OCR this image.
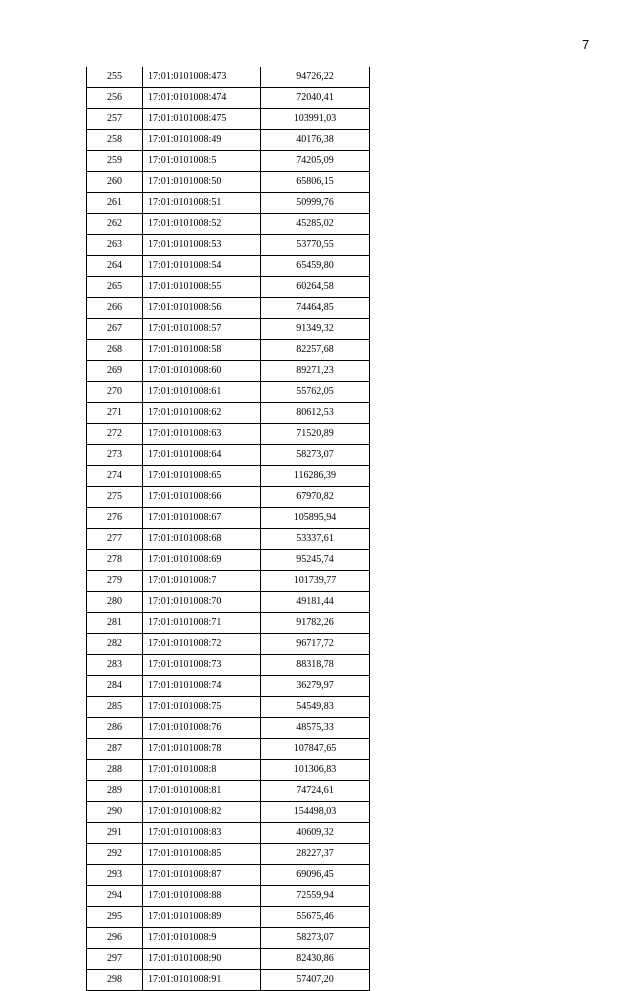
7
255	17:01:0101008:473	94726,22
256	17:01:0101008:474	72040,41
257	17:01:0101008:475	103991,03
258	17:01:0101008:49	40176,38
259	17:01:0101008:5	74205,09
260	17:01:0101008:50	65806,15
261	17:01:0101008:51	50999,76
262	17:01:0101008:52	45285,02
263	17:01:0101008:53	53770,55
264	17:01:0101008:54	65459,80
265	17:01:0101008:55	60264,58
266	17:01:0101008:56	74464,85
267	17:01:0101008:57	91349,32
268	17:01:0101008:58	82257,68
269	17:01:0101008:60	89271,23
270	17:01:0101008:61	55762,05
271	17:01:0101008:62	80612,53
272	17:01:0101008:63	71520,89
273	17:01:0101008:64	58273,07
274	17:01:0101008:65	116286,39
275	17:01:0101008:66	67970,82
276	17:01:0101008:67	105895,94
277	17:01:0101008:68	53337,61
278	17:01:0101008:69	95245,74
279	17:01:0101008:7	101739,77
280	17:01:0101008:70	49181,44
281	17:01:0101008:71	91782,26
282	17:01:0101008:72	96717,72
283	17:01:0101008:73	88318,78
284	17:01:0101008:74	36279,97
285	17:01:0101008:75	54549,83
286	17:01:0101008:76	48575,33
287	17:01:0101008:78	107847,65
288	17:01:0101008:8	101306,83
289	17:01:0101008:81	74724,61
290	17:01:0101008:82	154498,03
291	17:01:0101008:83	40609,32
292	17:01:0101008:85	28227,37
293	17:01:0101008:87	69096,45
294	17:01:0101008:88	72559,94
295	17:01:0101008:89	55675,46
296	17:01:0101008:9	58273,07
297	17:01:0101008:90	82430,86
298	17:01:0101008:91	57407,20
